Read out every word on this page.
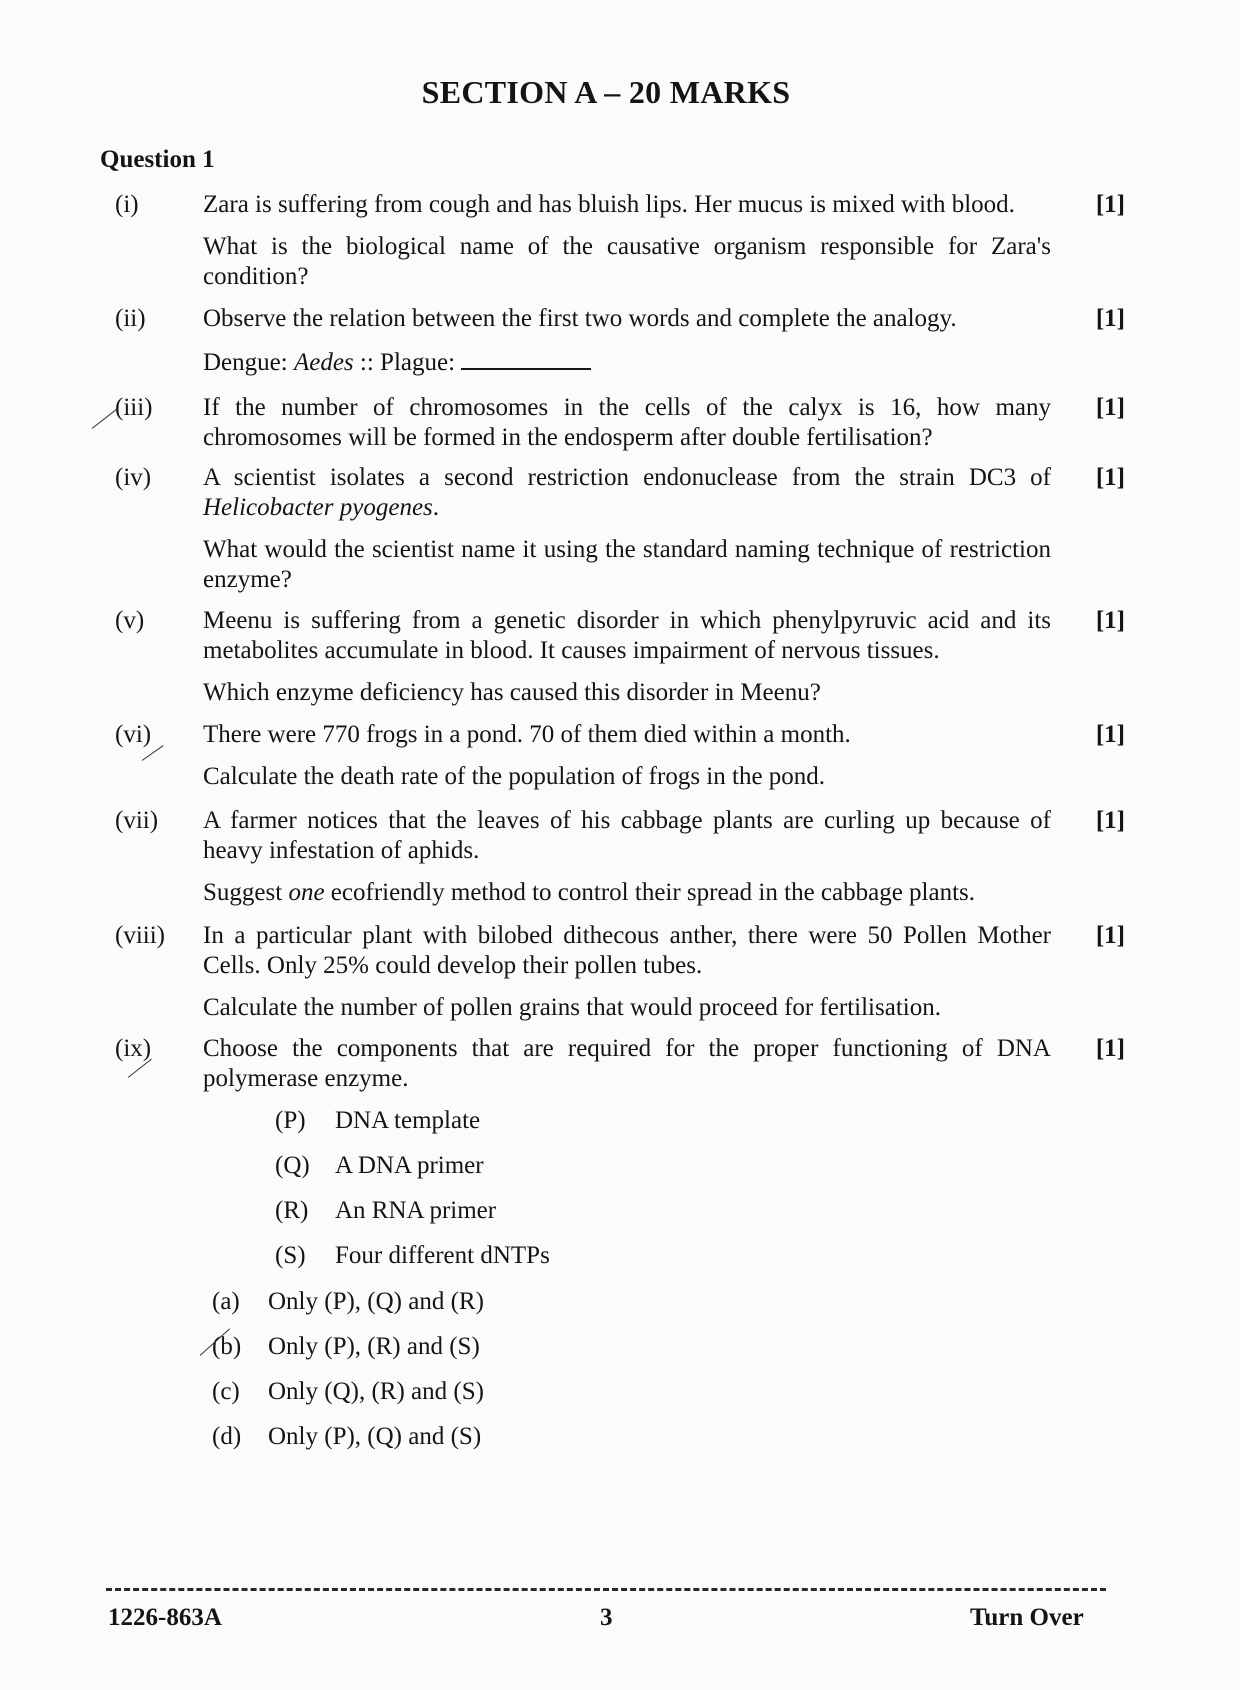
SECTION A – 20 MARKS
Question 1
(i)	Zara is suffering from cough and has bluish lips. Her mucus is mixed with blood.

What is the biological name of the causative organism responsible for Zara's condition?

[1]
(ii)	Observe the relation between the first two words and complete the analogy.

Dengue: Aedes :: Plague:

[1]
(iii)	If the number of chromosomes in the cells of the calyx is 16, how many chromosomes will be formed in the endosperm after double fertilisation?

[1]
(iv)	A scientist isolates a second restriction endonuclease from the strain DC3 of Helicobacter pyogenes.

What would the scientist name it using the standard naming technique of restriction enzyme?

[1]
(v)	Meenu is suffering from a genetic disorder in which phenylpyruvic acid and its metabolites accumulate in blood. It causes impairment of nervous tissues.

Which enzyme deficiency has caused this disorder in Meenu?

[1]
(vi)	There were 770 frogs in a pond. 70 of them died within a month.

Calculate the death rate of the population of frogs in the pond.

[1]
(vii)	A farmer notices that the leaves of his cabbage plants are curling up because of heavy infestation of aphids.

Suggest one ecofriendly method to control their spread in the cabbage plants.

[1]
(viii)	In a particular plant with bilobed dithecous anther, there were 50 Pollen Mother Cells. Only 25% could develop their pollen tubes.

Calculate the number of pollen grains that would proceed for fertilisation.

[1]
(ix)	Choose the components that are required for the proper functioning of DNA polymerase enzyme.

[1]
(P) DNA template
(Q) A DNA primer
(R) An RNA primer
(S) Four different dNTPs
(a) Only (P), (Q) and (R)
(b) Only (P), (R) and (S)
(c) Only (Q), (R) and (S)
(d) Only (P), (Q) and (S)
1226-863A	3	Turn Over
